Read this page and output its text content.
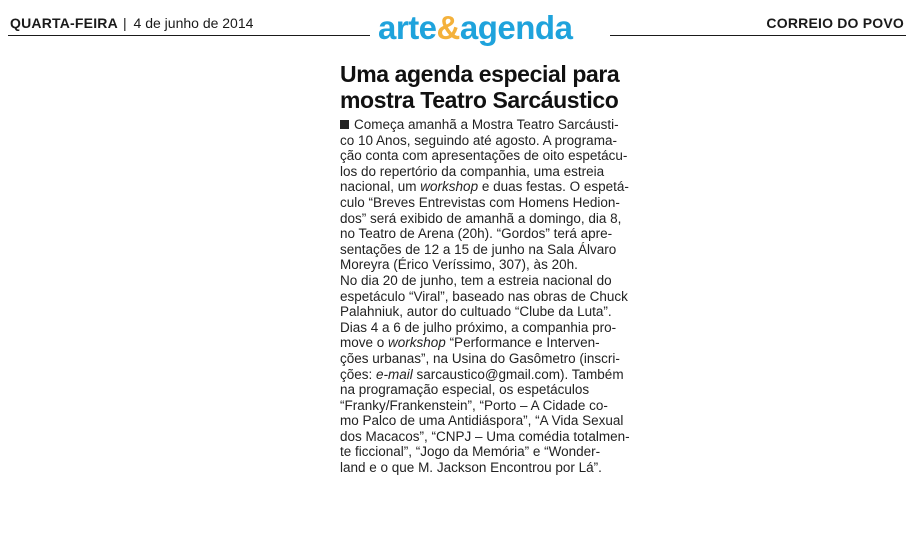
QUARTA-FEIRA | 4 de junho de 2014	arte&agenda	CORREIO DO POVO
Uma agenda especial para
mostra Teatro Sarcáustico
Começa amanhã a Mostra Teatro Sarcáusti-
co 10 Anos, seguindo até agosto. A programa-
ção conta com apresentações de oito espetácu-
los do repertório da companhia, uma estreia
nacional, um workshop e duas festas. O espetá-
culo “Breves Entrevistas com Homens Hedion-
dos” será exibido de amanhã a domingo, dia 8,
no Teatro de Arena (20h). “Gordos” terá apre-
sentações de 12 a 15 de junho na Sala Álvaro
Moreyra (Érico Veríssimo, 307), às 20h.
No dia 20 de junho, tem a estreia nacional do
espetáculo “Viral”, baseado nas obras de Chuck
Palahniuk, autor do cultuado “Clube da Luta”.
Dias 4 a 6 de julho próximo, a companhia pro-
move o workshop “Performance e Interven-
ções urbanas”, na Usina do Gasômetro (inscri-
ções: e-mail sarcaustico@gmail.com). Também
na programação especial, os espetáculos
“Franky/Frankenstein”, “Porto – A Cidade co-
mo Palco de uma Antidiáspora”, “A Vida Sexual
dos Macacos”, “CNPJ – Uma comédia totalmen-
te ficcional”, “Jogo da Memória” e “Wonder-
land e o que M. Jackson Encontrou por Lá”.
